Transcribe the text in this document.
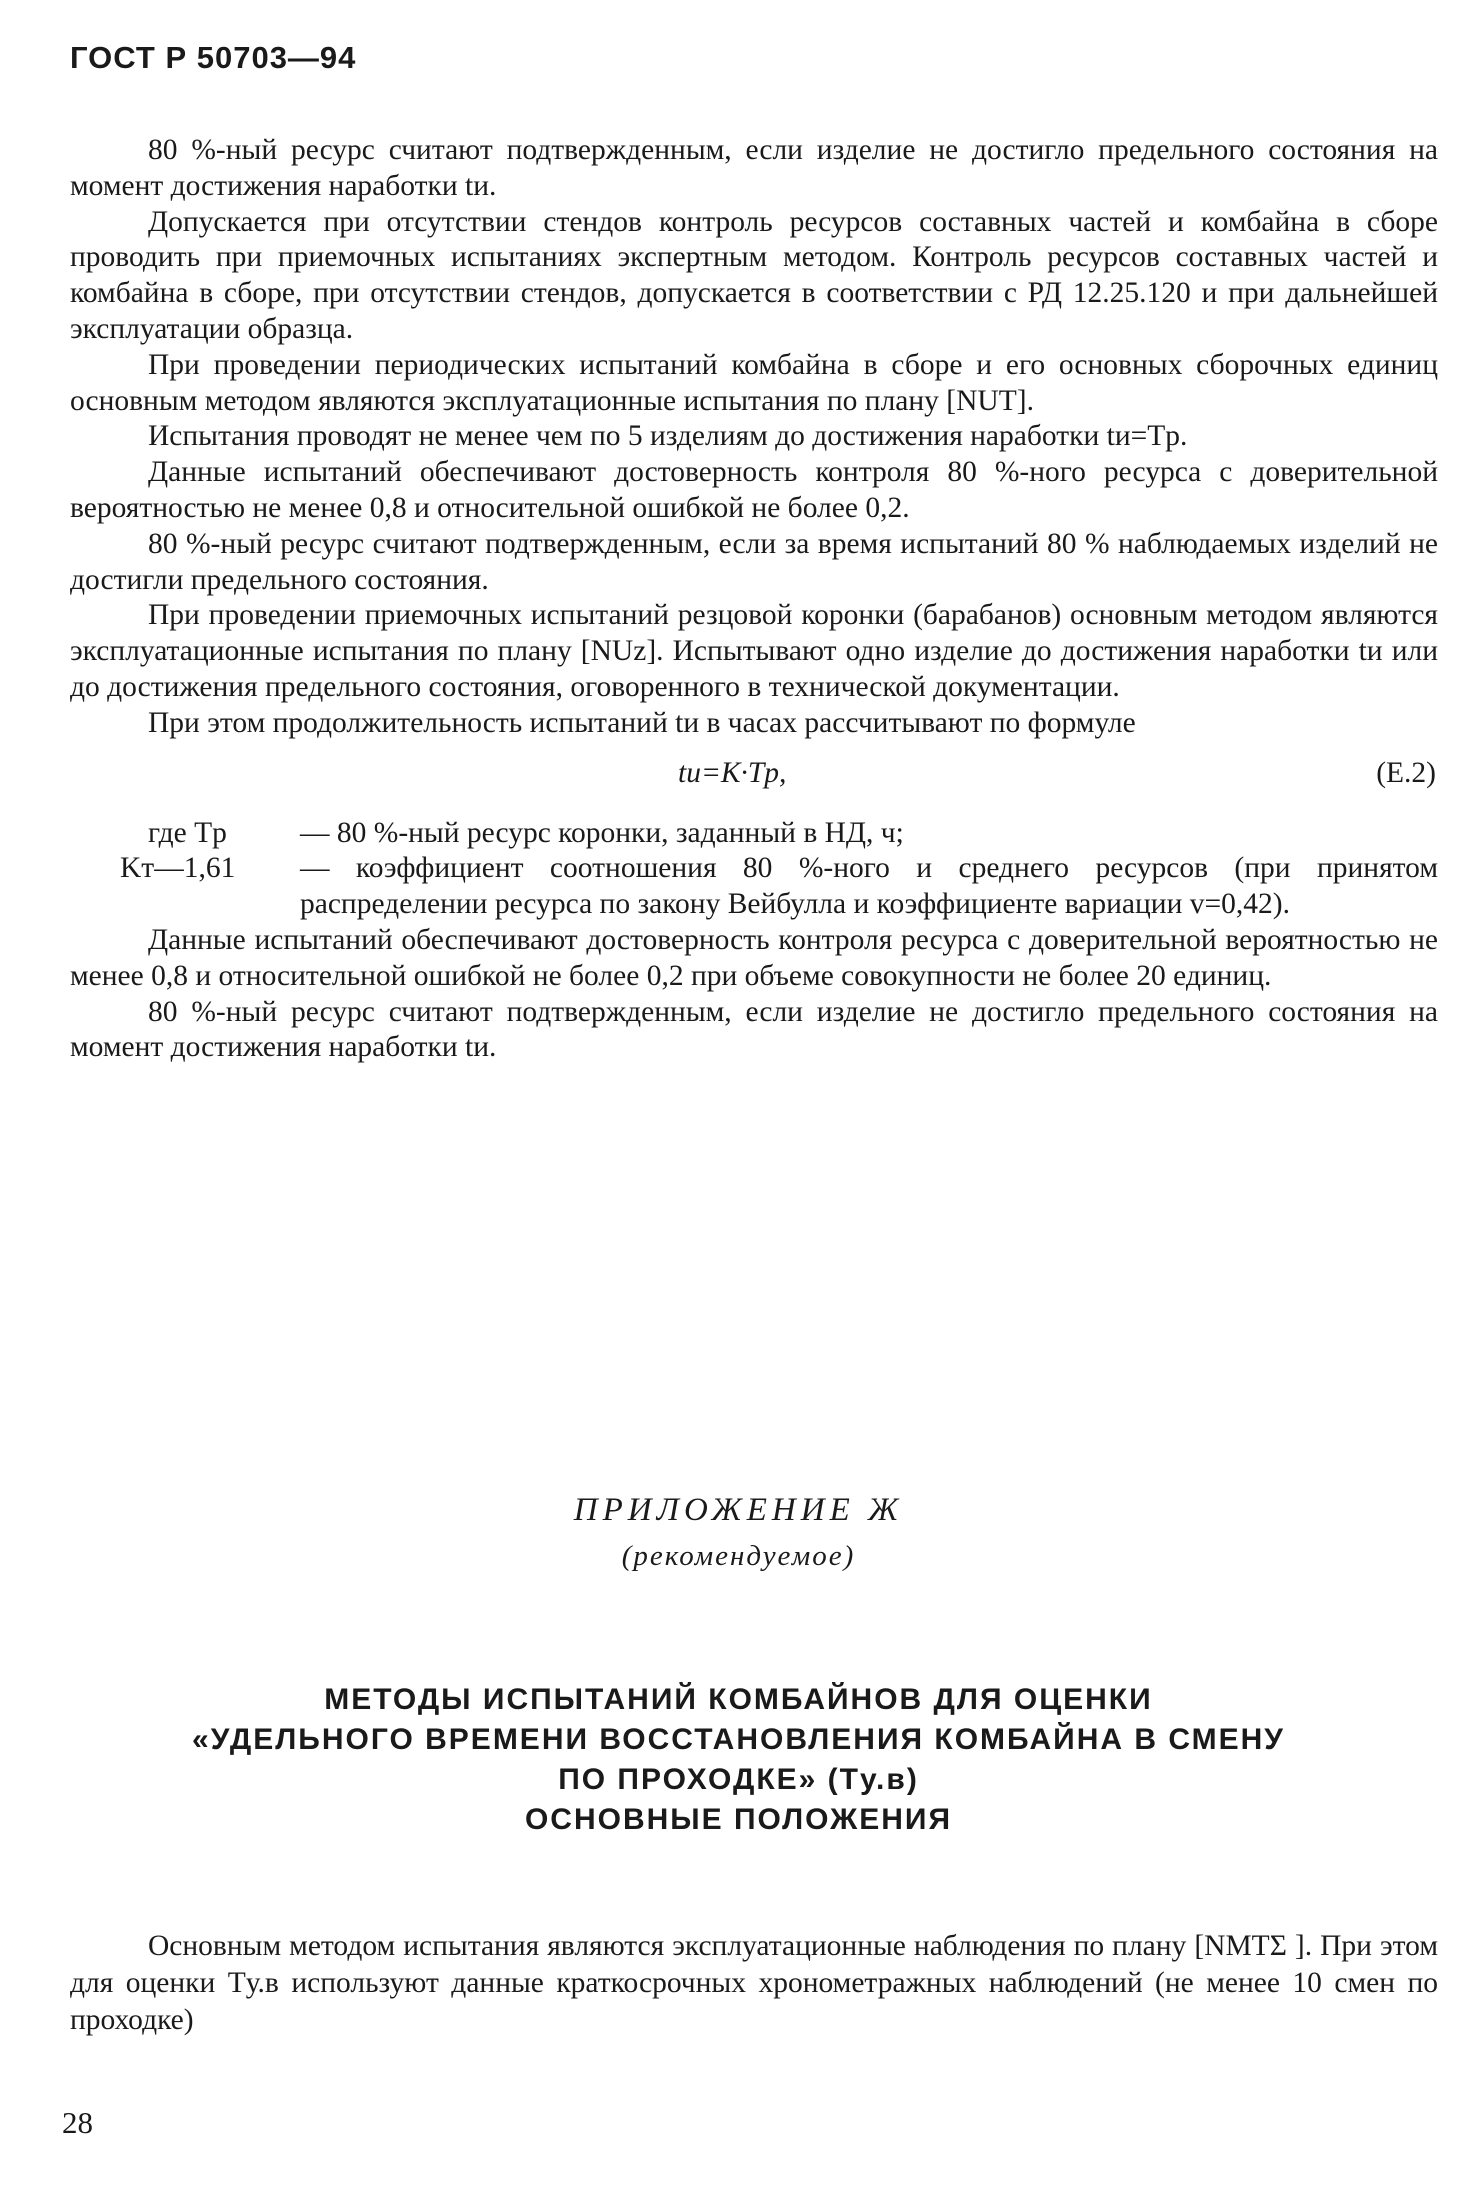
ГОСТ Р 50703—94

80 %-ный ресурс считают подтвержденным, если изделие не достигло предельного состояния на момент достижения наработки tи.

Допускается при отсутствии стендов контроль ресурсов составных частей и комбайна в сборе проводить при приемочных испытаниях экспертным методом. Контроль ресурсов составных частей и комбайна в сборе, при отсутствии стендов, допускается в соответствии с РД 12.25.120 и при дальнейшей эксплуатации образца.

При проведении периодических испытаний комбайна в сборе и его основных сборочных единиц основным методом являются эксплуатационные испытания по плану [NUT].

Испытания проводят не менее чем по 5 изделиям до достижения наработки tи=Tр.

Данные испытаний обеспечивают достоверность контроля 80 %-ного ресурса с доверительной вероятностью не менее 0,8 и относительной ошибкой не более 0,2.

80 %-ный ресурс считают подтвержденным, если за время испытаний 80 % наблюдаемых изделий не достигли предельного состояния.

При проведении приемочных испытаний резцовой коронки (барабанов) основным методом являются эксплуатационные испытания по плану [NUz]. Испытывают одно изделие до достижения наработки tи или до достижения предельного состояния, оговоренного в технической документации.

При этом продолжительность испытаний tи в часах рассчитывают по формуле

tи=K·Tр,	(Е.2)
где Tр	— 80 %-ный ресурс коронки, заданный в НД, ч;
Kт—1,61	— коэффициент соотношения 80 %-ного и среднего ресурсов (при принятом распределении ресурса по закону Вейбулла и коэффициенте вариации v=0,42).

Данные испытаний обеспечивают достоверность контроля ресурса с доверительной вероятностью не менее 0,8 и относительной ошибкой не более 0,2 при объеме совокупности не более 20 единиц.

80 %-ный ресурс считают подтвержденным, если изделие не достигло предельного состояния на момент достижения наработки tи.

ПРИЛОЖЕНИЕ Ж
(рекомендуемое)
МЕТОДЫ ИСПЫТАНИЙ КОМБАЙНОВ ДЛЯ ОЦЕНКИ
«УДЕЛЬНОГО ВРЕМЕНИ ВОССТАНОВЛЕНИЯ КОМБАЙНА В СМЕНУ
ПО ПРОХОДКЕ» (Tу.в)
ОСНОВНЫЕ ПОЛОЖЕНИЯ

Основным методом испытания являются эксплуатационные наблюдения по плану [NMTΣ ]. При этом для оценки Tу.в используют данные краткосрочных хронометражных наблюдений (не менее 10 смен по проходке)

28
